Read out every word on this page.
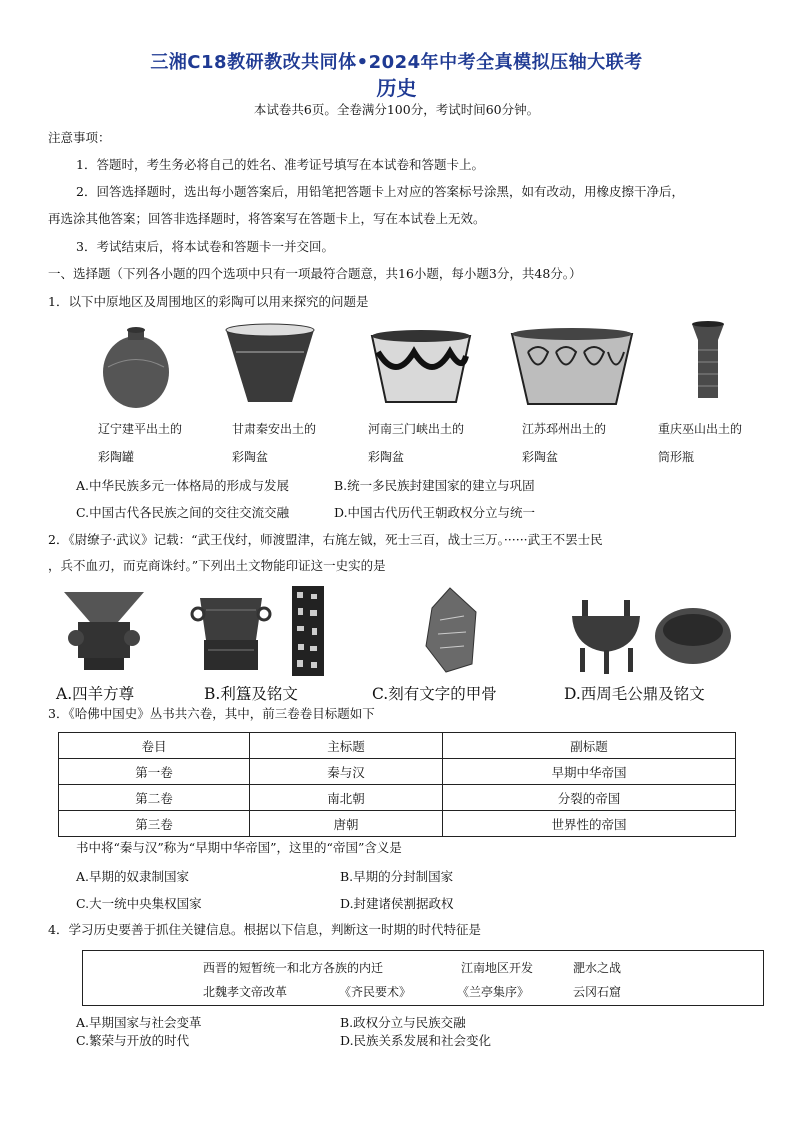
三湘C18教研教改共同体•2024年中考全真模拟压轴大联考
历史
本试卷共6页。全卷满分100分，考试时间60分钟。
注意事项：
1．答题时，考生务必将自己的姓名、准考证号填写在本试卷和答题卡上。
2．回答选择题时，选出每小题答案后，用铅笔把答题卡上对应的答案标号涂黑，如有改动，用橡皮擦干净后，
再选涂其他答案；回答非选择题时，将答案写在答题卡上，写在本试卷上无效。
3．考试结束后，将本试卷和答题卡一并交回。
一、选择题（下列各小题的四个选项中只有一项最符合题意，共16小题，每小题3分，共48分。）
1．以下中原地区及周围地区的彩陶可以用来探究的问题是
辽宁建平出土的
彩陶罐
甘肃秦安出土的
彩陶盆
河南三门峡出土的
彩陶盆
江苏邳州出土的
彩陶盆
重庆巫山出土的
筒形瓶
A.中华民族多元一体格局的形成与发展	B.统一多民族封建国家的建立与巩固
C.中国古代各民族之间的交往交流交融	D.中国古代历代王朝政权分立与统一
2．《尉缭子·武议》记载：“武王伐纣，师渡盟津，右旄左钺，死士三百，战士三万。······武王不罢士民
，兵不血刃，而克商诛纣。”下列出土文物能印证这一史实的是
A.四羊方尊	B.利簋及铭文	C.刻有文字的甲骨	D.西周毛公鼎及铭文
3．《哈佛中国史》丛书共六卷，其中，前三卷卷目标题如下
卷目	主标题	副标题
第一卷	秦与汉	早期中华帝国
第二卷	南北朝	分裂的帝国
第三卷	唐朝	世界性的帝国
书中将“秦与汉”称为“早期中华帝国”，这里的“帝国”含义是
A.早期的奴隶制国家	B.早期的分封制国家
C.大一统中央集权国家	D.封建诸侯割据政权
4．学习历史要善于抓住关键信息。根据以下信息，判断这一时期的时代特征是
西晋的短暂统一和北方各族的内迁	江南地区开发	淝水之战
北魏孝文帝改革	《齐民要术》	《兰亭集序》	云冈石窟
A.早期国家与社会变革	B.政权分立与民族交融
C.繁荣与开放的时代	D.民族关系发展和社会变化
